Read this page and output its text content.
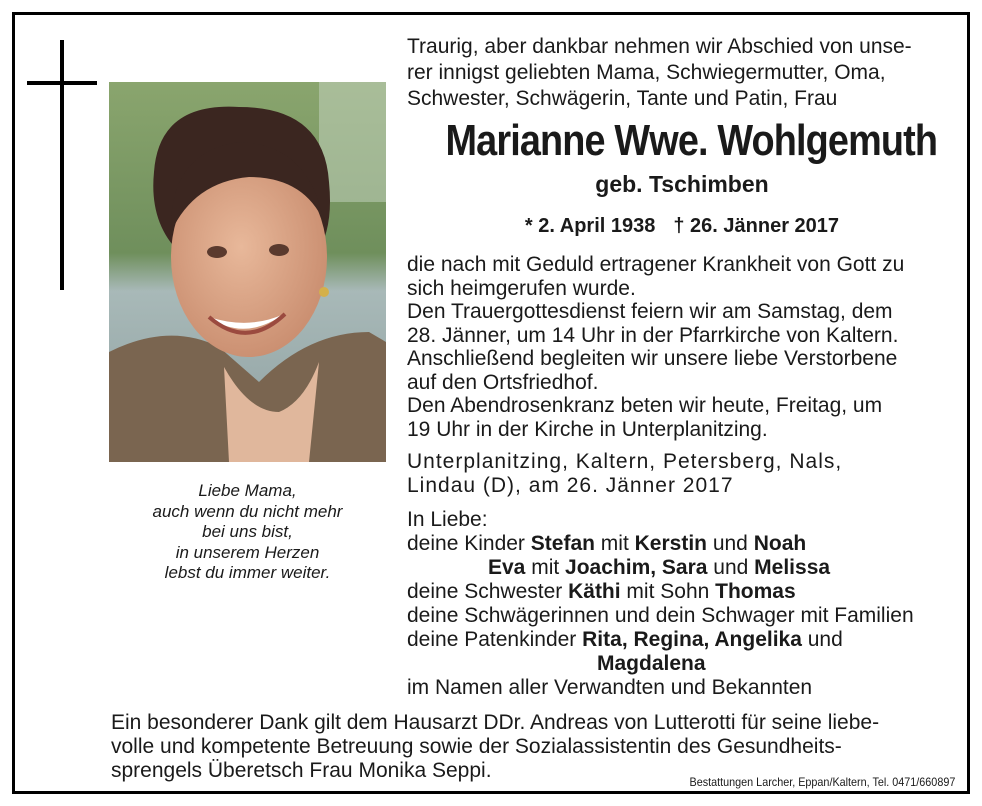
Liebe Mama,
auch wenn du nicht mehr
bei uns bist,
in unserem Herzen
lebst du immer weiter.
Traurig, aber dankbar nehmen wir Abschied von unse-
rer innigst geliebten Mama, Schwiegermutter, Oma,
Schwester, Schwägerin, Tante und Patin, Frau
Marianne Wwe. Wohlgemuth
geb. Tschimben
* 2. April 1938 † 26. Jänner 2017
die nach mit Geduld ertragener Krankheit von Gott zu
sich heimgerufen wurde.
Den Trauergottesdienst feiern wir am Samstag, dem
28. Jänner, um 14 Uhr in der Pfarrkirche von Kaltern.
Anschließend begleiten wir unsere liebe Verstorbene
auf den Ortsfriedhof.
Den Abendrosenkranz beten wir heute, Freitag, um
19 Uhr in der Kirche in Unterplanitzing.
Unterplanitzing, Kaltern, Petersberg, Nals,
Lindau (D), am 26. Jänner 2017
In Liebe:
deine Kinder Stefan mit Kerstin und Noah
Eva mit Joachim, Sara und Melissa
deine Schwester Käthi mit Sohn Thomas
deine Schwägerinnen und dein Schwager mit Familien
deine Patenkinder Rita, Regina, Angelika und
Magdalena
im Namen aller Verwandten und Bekannten
Ein besonderer Dank gilt dem Hausarzt DDr. Andreas von Lutterotti für seine liebe-
volle und kompetente Betreuung sowie der Sozialassistentin des Gesundheits-
sprengels Überetsch Frau Monika Seppi.	Bestattungen Larcher, Eppan/Kaltern, Tel. 0471/660897
